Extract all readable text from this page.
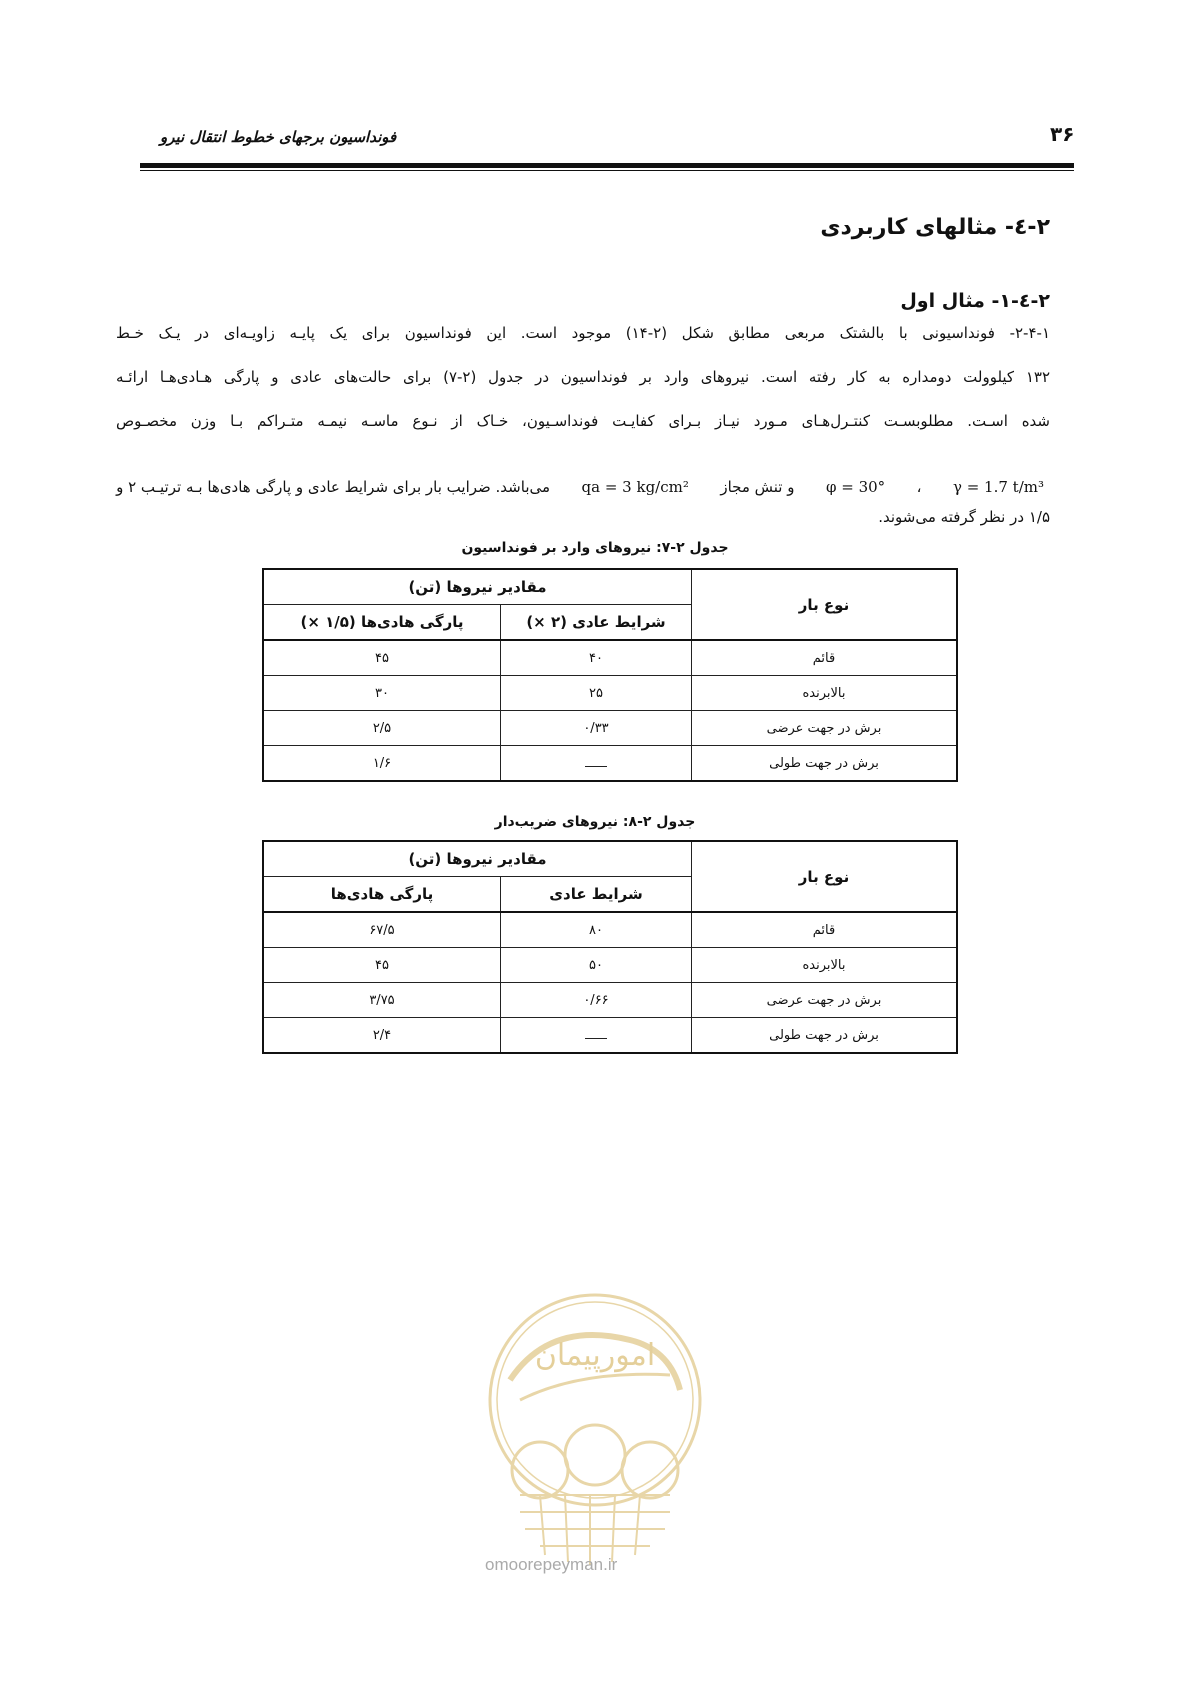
۳۶
فونداسیون برجهای خطوط انتقال نیرو
۲-٤- مثالهای کاربردی
۲-٤-۱- مثال اول
۲-۴-۱- فونداسیونی با بالشتک مربعی مطابق شکل (۲-۱۴) موجود است. این فونداسیون برای یک پایـه زاویـه‌ای در یـک خـط
۱۳۲ کیلوولت دومداره به کار رفته است. نیروهای وارد بر فونداسیون در جدول (۲-۷) برای حالت‌های عادی و پارگی هـادی‌هـا ارائـه
شده اسـت. مطلوبسـت کنتـرل‌هـای مـورد نیـاز بـرای کفایـت فونداسـیون، خـاک از نـوع ماسـه نیمـه متـراکم بـا وزن مخصـوص
γ = 1.7 t/m³
،
φ = 30°
و تنش مجاز
qa = 3 kg/cm²
می‌باشد. ضرایب بار برای شرایط عادی و پارگی هادی‌ها بـه ترتیـب ۲ و
۱/۵ در نظر گرفته می‌شوند.
جدول ۲-۷: نیروهای وارد بر فونداسیون
نوع بار	مقادیر نیروها (تن)	
	شرایط عادی (۲ ×)	پارگی هادی‌ها (۱/۵ ×)
قائم	۴۰	۴۵
بالابرنده	۲۵	۳۰
برش در جهت عرضی	۰/۳۳	۲/۵
برش در جهت طولی		۱/۶
جدول ۲-۸: نیروهای ضریب‌دار
نوع بار	مقادیر نیروها (تن)	
	شرایط عادی	پارگی هادی‌ها
قائم	۸۰	۶۷/۵
بالابرنده	۵۰	۴۵
برش در جهت عرضی	۰/۶۶	۳/۷۵
برش در جهت طولی		۲/۴
امورپیمان
omoorepeyman.ir
